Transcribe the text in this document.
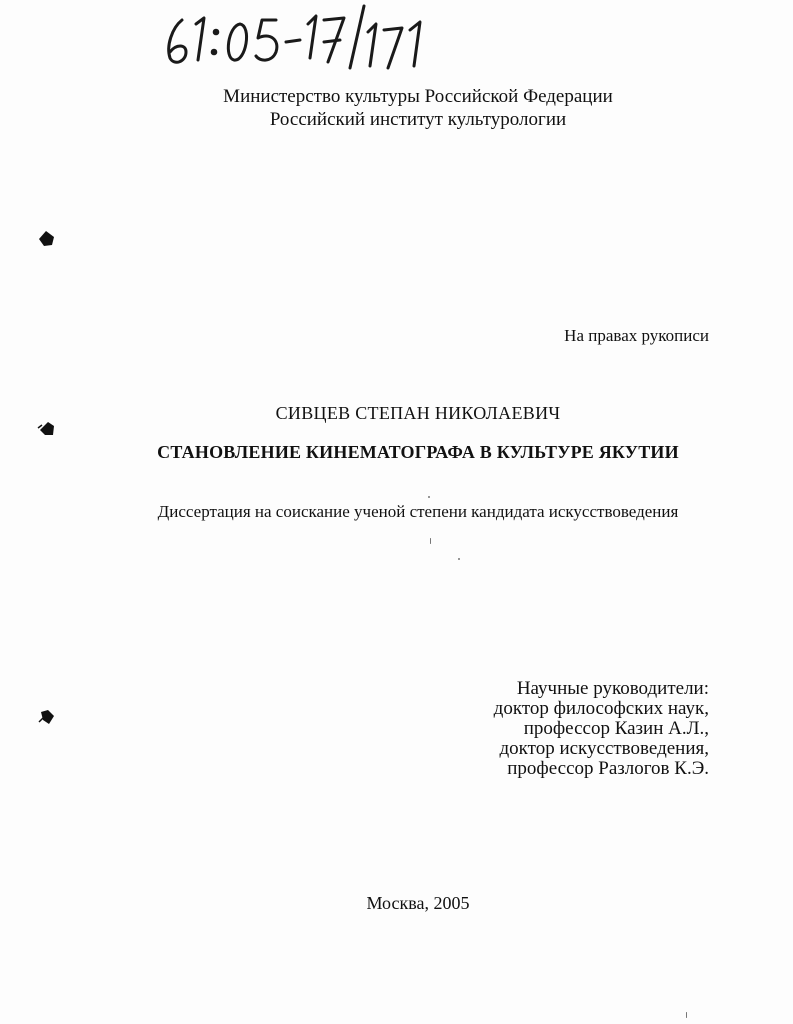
Министерство культуры Российской Федерации
Российский институт культурологии
На правах рукописи
СИВЦЕВ СТЕПАН НИКОЛАЕВИЧ
СТАНОВЛЕНИЕ КИНЕМАТОГРАФА В КУЛЬТУРЕ ЯКУТИИ
Диссертация на соискание ученой степени кандидата искусствоведения
Научные руководители:
доктор философских наук,
профессор Казин А.Л.,
доктор искусствоведения,
профессор Разлогов К.Э.
Москва, 2005
